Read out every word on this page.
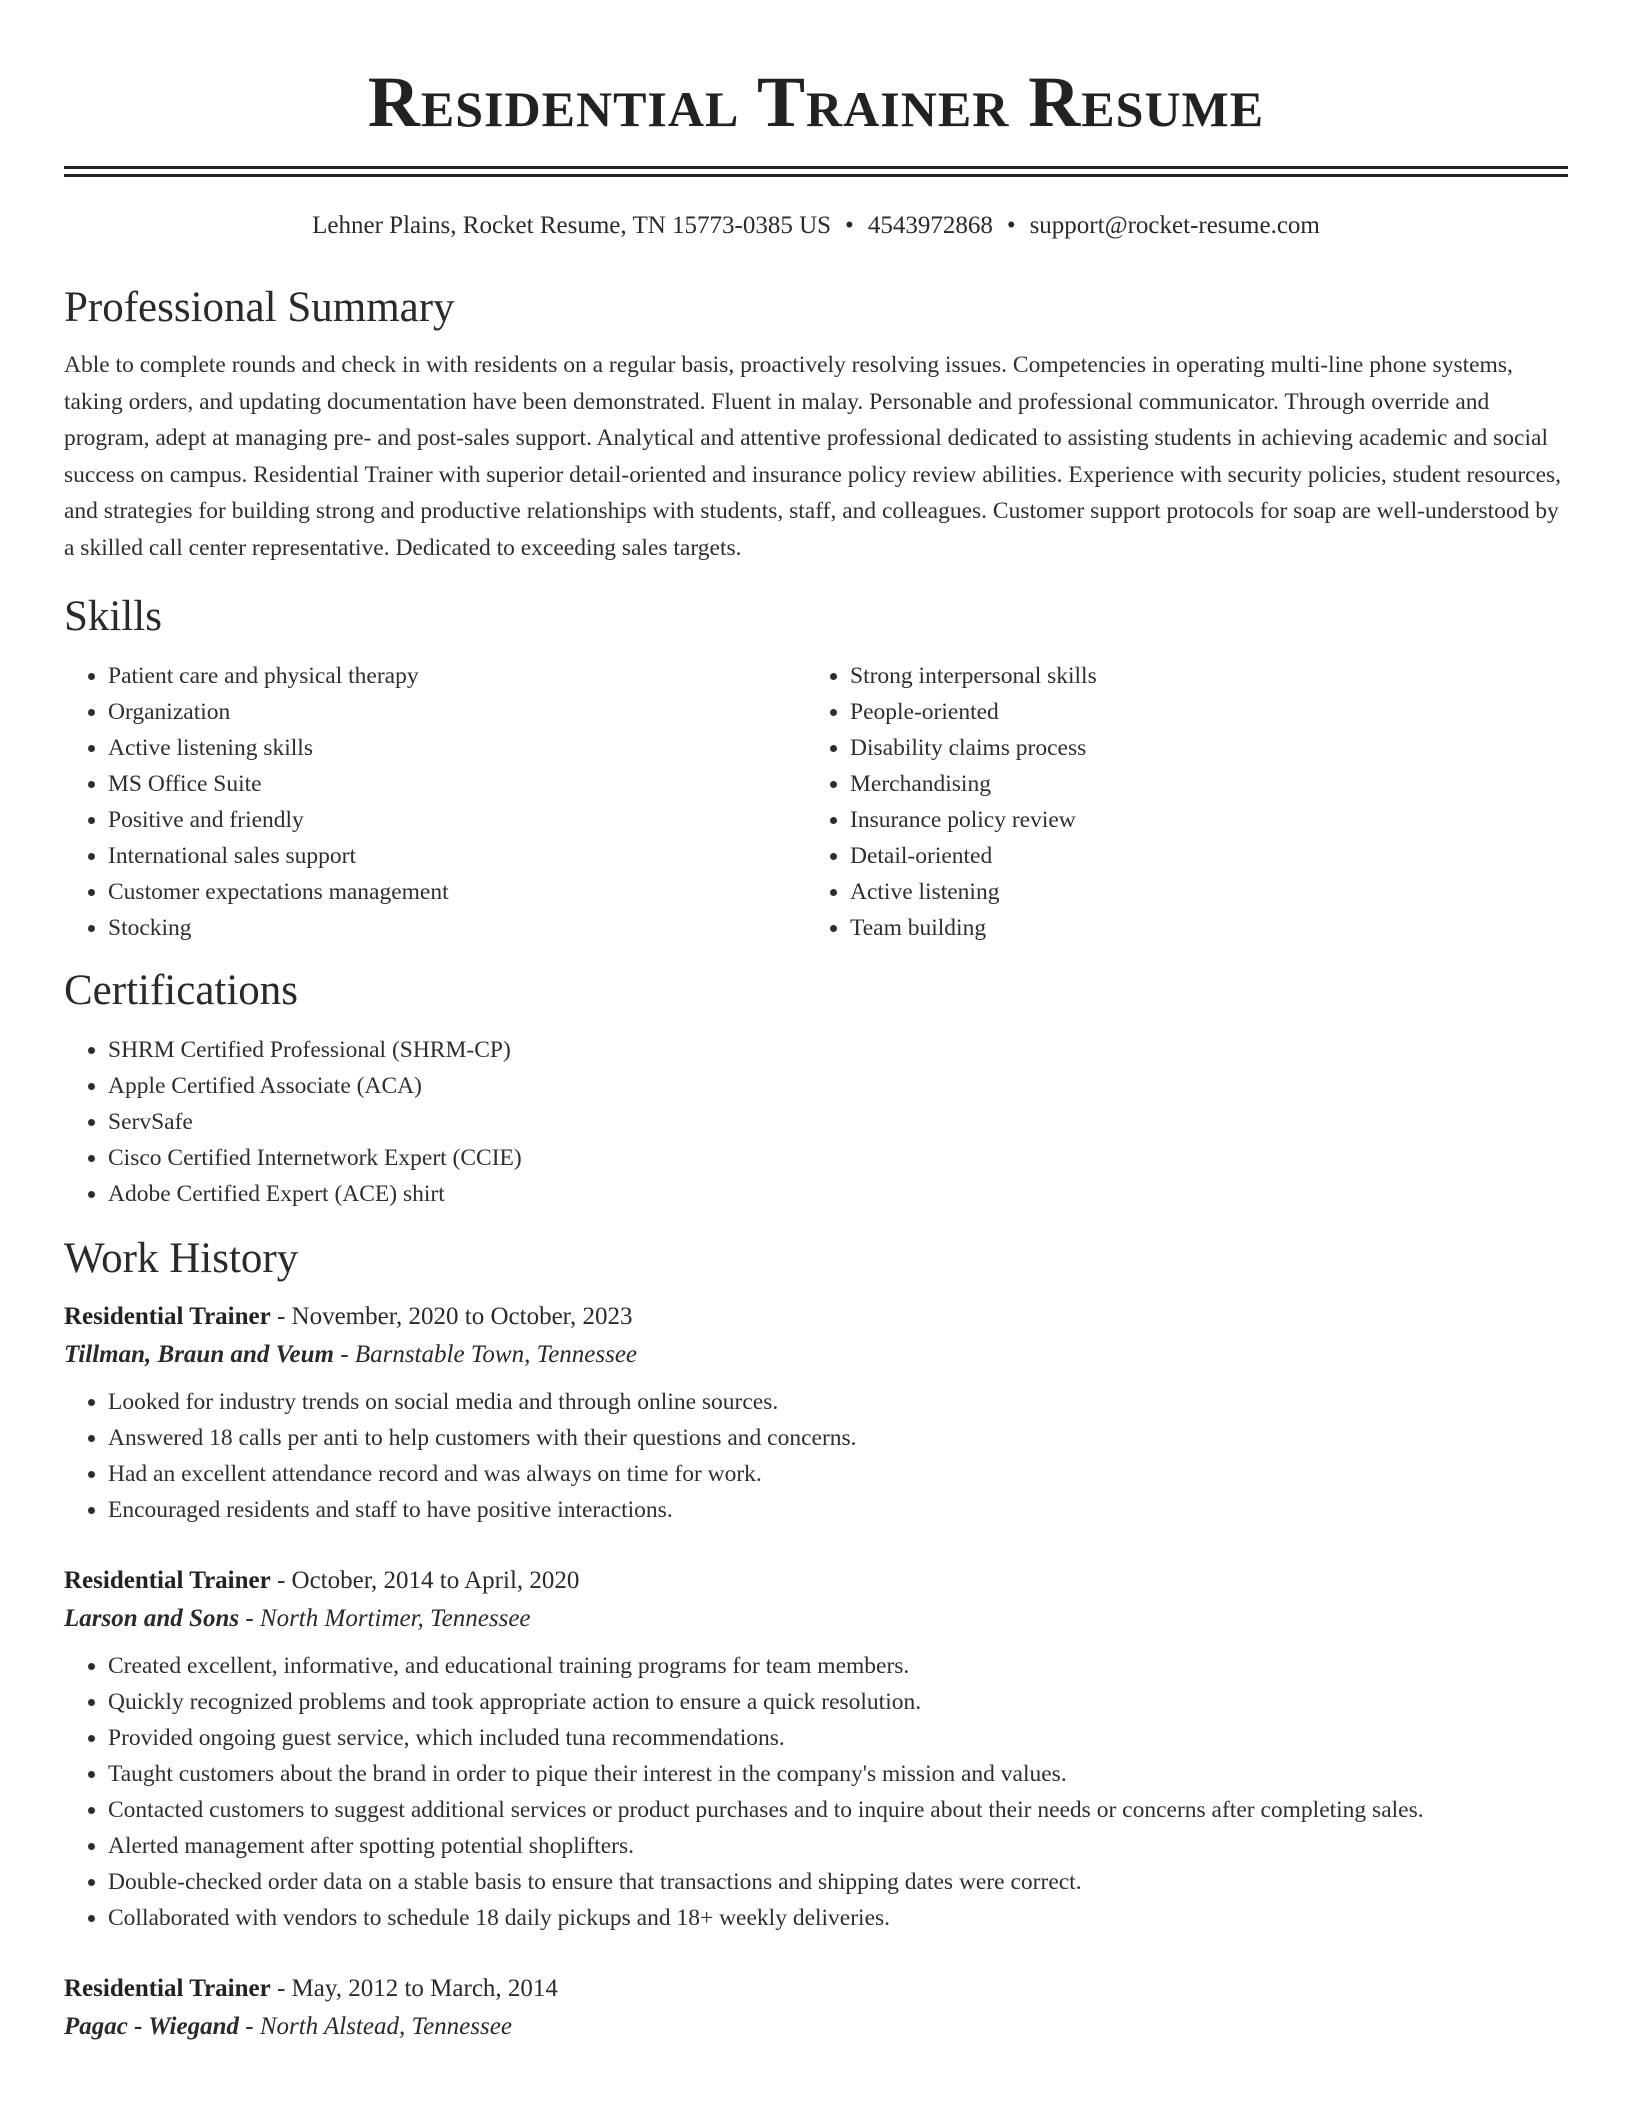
Residential Trainer Resume
Lehner Plains, Rocket Resume, TN 15773-0385 US • 4543972868 • support@rocket-resume.com
Professional Summary

Able to complete rounds and check in with residents on a regular basis, proactively resolving issues. Competencies in operating multi-line phone systems, taking orders, and updating documentation have been demonstrated. Fluent in malay. Personable and professional communicator. Through override and program, adept at managing pre- and post-sales support. Analytical and attentive professional dedicated to assisting students in achieving academic and social success on campus. Residential Trainer with superior detail-oriented and insurance policy review abilities. Experience with security policies, student resources, and strategies for building strong and productive relationships with students, staff, and colleagues. Customer support protocols for soap are well-understood by a skilled call center representative. Dedicated to exceeding sales targets.

Skills
• Patient care and physical therapy
• Organization
• Active listening skills
• MS Office Suite
• Positive and friendly
• International sales support
• Customer expectations management
• Stocking
• Strong interpersonal skills
• People-oriented
• Disability claims process
• Merchandising
• Insurance policy review
• Detail-oriented
• Active listening
• Team building
Certifications
• SHRM Certified Professional (SHRM-CP)
• Apple Certified Associate (ACA)
• ServSafe
• Cisco Certified Internetwork Expert (CCIE)
• Adobe Certified Expert (ACE) shirt
Work History
Residential Trainer - November, 2020 to October, 2023
Tillman, Braun and Veum - Barnstable Town, Tennessee
• Looked for industry trends on social media and through online sources.
• Answered 18 calls per anti to help customers with their questions and concerns.
• Had an excellent attendance record and was always on time for work.
• Encouraged residents and staff to have positive interactions.
Residential Trainer - October, 2014 to April, 2020
Larson and Sons - North Mortimer, Tennessee
• Created excellent, informative, and educational training programs for team members.
• Quickly recognized problems and took appropriate action to ensure a quick resolution.
• Provided ongoing guest service, which included tuna recommendations.
• Taught customers about the brand in order to pique their interest in the company's mission and values.
• Contacted customers to suggest additional services or product purchases and to inquire about their needs or concerns after completing sales.
• Alerted management after spotting potential shoplifters.
• Double-checked order data on a stable basis to ensure that transactions and shipping dates were correct.
• Collaborated with vendors to schedule 18 daily pickups and 18+ weekly deliveries.
Residential Trainer - May, 2012 to March, 2014
Pagac - Wiegand - North Alstead, Tennessee
